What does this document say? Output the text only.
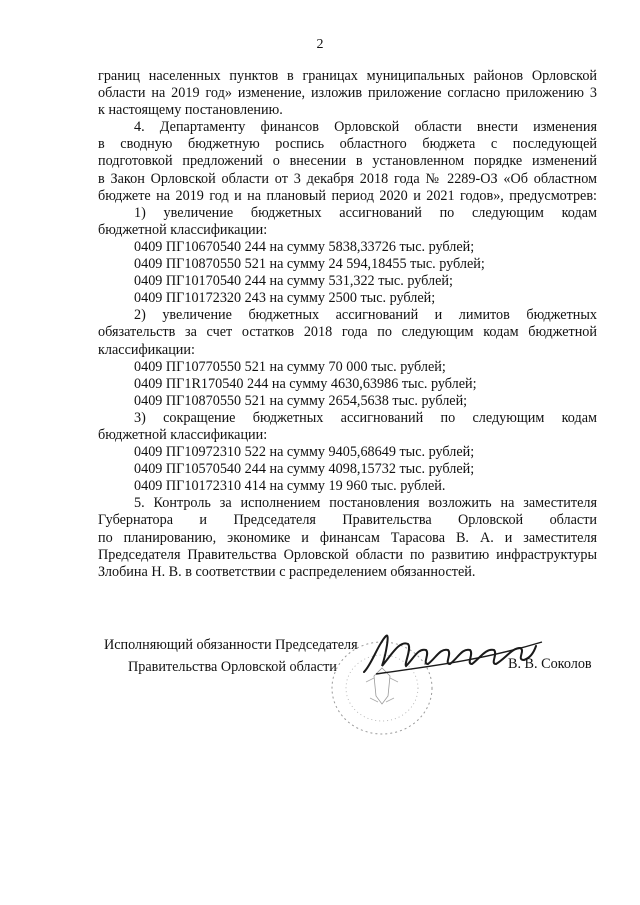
2

границ населенных пунктов в границах муниципальных районов Орловской

области на 2019 год» изменение, изложив приложение согласно приложению 3

к настоящему постановлению.

4. Департаменту финансов Орловской области внести изменения

в сводную бюджетную роспись областного бюджета с последующей

подготовкой предложений о внесении в установленном порядке изменений

в Закон Орловской области от 3 декабря 2018 года № 2289-ОЗ «Об областном

бюджете на 2019 год и на плановый период 2020 и 2021 годов», предусмотрев:

1) увеличение бюджетных ассигнований по следующим кодам

бюджетной классификации:

0409 ПГ10670540 244 на сумму 5838,33726 тыс. рублей;

0409 ПГ10870550 521 на сумму 24 594,18455 тыс. рублей;

0409 ПГ10170540 244 на сумму 531,322 тыс. рублей;

0409 ПГ10172320 243 на сумму 2500 тыс. рублей;

2) увеличение бюджетных ассигнований и лимитов бюджетных

обязательств за счет остатков 2018 года по следующим кодам бюджетной

классификации:

0409 ПГ10770550 521 на сумму 70 000 тыс. рублей;

0409 ПГ1R170540 244 на сумму 4630,63986 тыс. рублей;

0409 ПГ10870550 521 на сумму 2654,5638 тыс. рублей;

3) сокращение бюджетных ассигнований по следующим кодам

бюджетной классификации:

0409 ПГ10972310 522 на сумму 9405,68649 тыс. рублей;

0409 ПГ10570540 244 на сумму 4098,15732 тыс. рублей;

0409 ПГ10172310 414 на сумму 19 960 тыс. рублей.

5. Контроль за исполнением постановления возложить на заместителя

Губернатора и Председателя Правительства Орловской области

по планированию, экономике и финансам Тарасова В. А. и заместителя

Председателя Правительства Орловской области по развитию инфраструктуры

Злобина Н. В. в соответствии с распределением обязанностей.

Исполняющий обязанности Председателя
Правительства Орловской области	В. В. Соколов
